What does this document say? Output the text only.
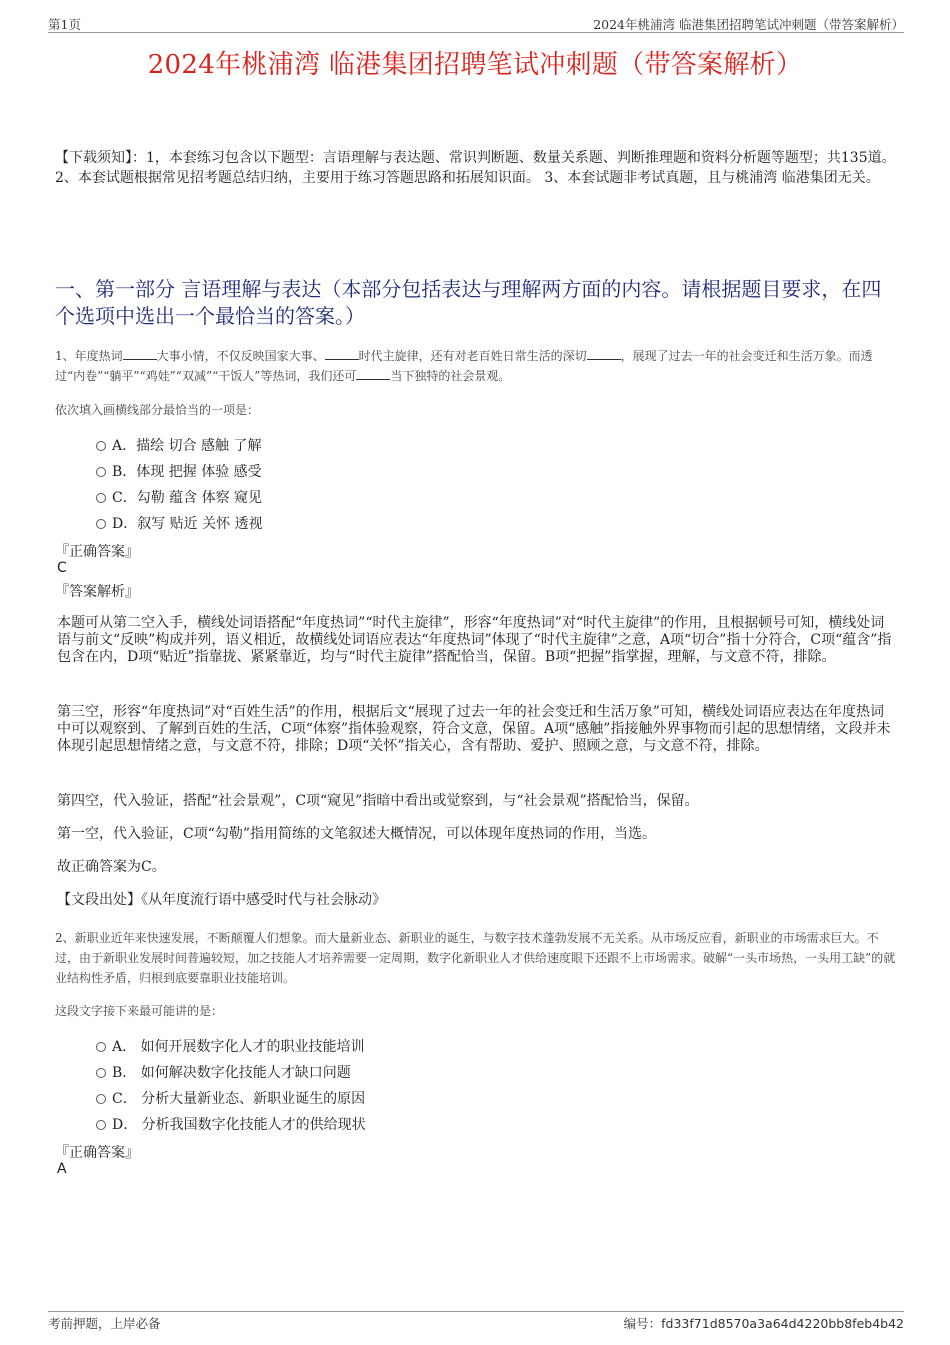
第1页	2024年桃浦湾 临港集团招聘笔试冲刺题（带答案解析）
2024年桃浦湾 临港集团招聘笔试冲刺题（带答案解析）
【下载须知】：1，本套练习包含以下题型：言语理解与表达题、常识判断题、数量关系题、判断推理题和资料分析题等题型；共135道。 2、本套试题根据常见招考题总结归纳，主要用于练习答题思路和拓展知识面。 3、本套试题非考试真题，且与桃浦湾 临港集团无关。
一、第一部分 言语理解与表达（本部分包括表达与理解两方面的内容。请根据题目要求，在四个选项中选出一个最恰当的答案。）
1、年度热词	大事小情，不仅反映国家大事、	时代主旋律，还有对老百姓日常生活的深切	，展现了过去一年的社会变迁和生活万象。而透过“内卷”“躺平”“鸡娃”“双减”“干饭人”等热词，我们还可	当下独特的社会景观。
依次填入画横线部分最恰当的一项是：
A．描绘 切合 感触 了解
B．体现 把握 体验 感受
C．勾勒 蕴含 体察 窥见
D．叙写 贴近 关怀 透视
『正确答案』
C
『答案解析』
本题可从第二空入手，横线处词语搭配“年度热词”“时代主旋律”，形容“年度热词”对“时代主旋律”的作用，且根据顿号可知，横线处词语与前文“反映”构成并列，语义相近，故横线处词语应表达“年度热词”体现了“时代主旋律”之意，A项“切合”指十分符合，C项“蕴含”指包含在内，D项“贴近”指靠拢、紧紧靠近，均与“时代主旋律”搭配恰当，保留。B项“把握”指掌握，理解，与文意不符，排除。
第三空，形容“年度热词”对“百姓生活”的作用，根据后文“展现了过去一年的社会变迁和生活万象”可知，横线处词语应表达在年度热词中可以观察到、了解到百姓的生活，C项“体察”指体验观察，符合文意，保留。A项“感触”指接触外界事物而引起的思想情绪，文段并未体现引起思想情绪之意，与文意不符，排除；D项“关怀”指关心，含有帮助、爱护、照顾之意，与文意不符，排除。
第四空，代入验证，搭配“社会景观”，C项“窥见”指暗中看出或觉察到，与“社会景观”搭配恰当，保留。
第一空，代入验证，C项“勾勒”指用简练的文笔叙述大概情况，可以体现年度热词的作用，当选。
故正确答案为C。
【文段出处】《从年度流行语中感受时代与社会脉动》
2、新职业近年来快速发展，不断颠覆人们想象。而大量新业态、新职业的诞生，与数字技术蓬勃发展不无关系。从市场反应看，新职业的市场需求巨大。不过，由于新职业发展时间普遍较短，加之技能人才培养需要一定周期，数字化新职业人才供给速度眼下还跟不上市场需求。破解“一头市场热，一头用工缺”的就业结构性矛盾，归根到底要靠职业技能培训。
这段文字接下来最可能讲的是：
A． 如何开展数字化人才的职业技能培训
B． 如何解决数字化技能人才缺口问题
C． 分析大量新业态、新职业诞生的原因
D． 分析我国数字化技能人才的供给现状
『正确答案』
A
考前押题，上岸必备	编号：fd33f71d8570a3a64d4220bb8feb4b42
